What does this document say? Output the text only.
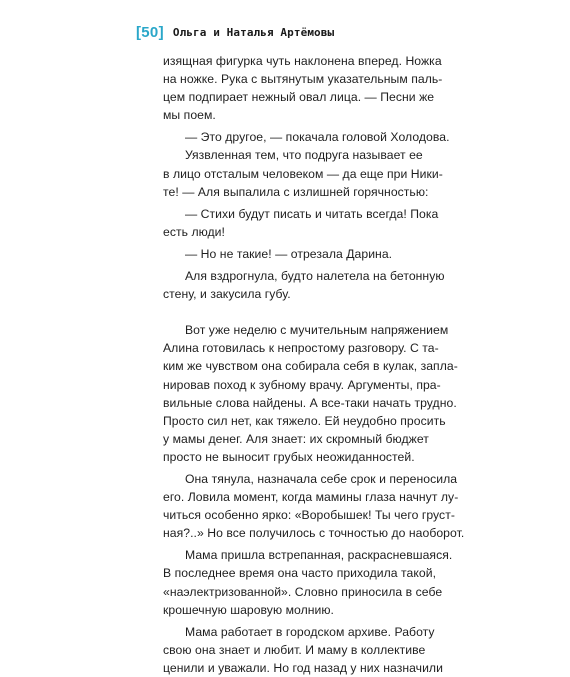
[50] Ольга и Наталья Артёмовы
изящная фигурка чуть наклонена вперед. Ножка
на ножке. Рука с вытянутым указательным паль-
цем подпирает нежный овал лица. — Песни же
мы поем.
— Это другое, — покачала головой Холодова.
Уязвленная тем, что подруга называет ее
в лицо отсталым человеком — да еще при Ники-
те! — Аля выпалила с излишней горячностью:
— Стихи будут писать и читать всегда! Пока
есть люди!
— Но не такие! — отрезала Дарина.
Аля вздрогнула, будто налетела на бетонную
стену, и закусила губу.
Вот уже неделю с мучительным напряжением
Алина готовилась к непростому разговору. С та-
ким же чувством она собирала себя в кулак, запла-
нировав поход к зубному врачу. Аргументы, пра-
вильные слова найдены. А все-таки начать трудно.
Просто сил нет, как тяжело. Ей неудобно просить
у мамы денег. Аля знает: их скромный бюджет
просто не выносит грубых неожиданностей.
Она тянула, назначала себе срок и переносила
его. Ловила момент, когда мамины глаза начнут лу-
читься особенно ярко: «Воробышек! Ты чего груст-
ная?..» Но все получилось с точностью до наоборот.
Мама пришла встрепанная, раскрасневшаяся.
В последнее время она часто приходила такой,
«наэлектризованной». Словно приносила в себе
крошечную шаровую молнию.
Мама работает в городском архиве. Работу
свою она знает и любит. И маму в коллективе
ценили и уважали. Но год назад у них назначили
